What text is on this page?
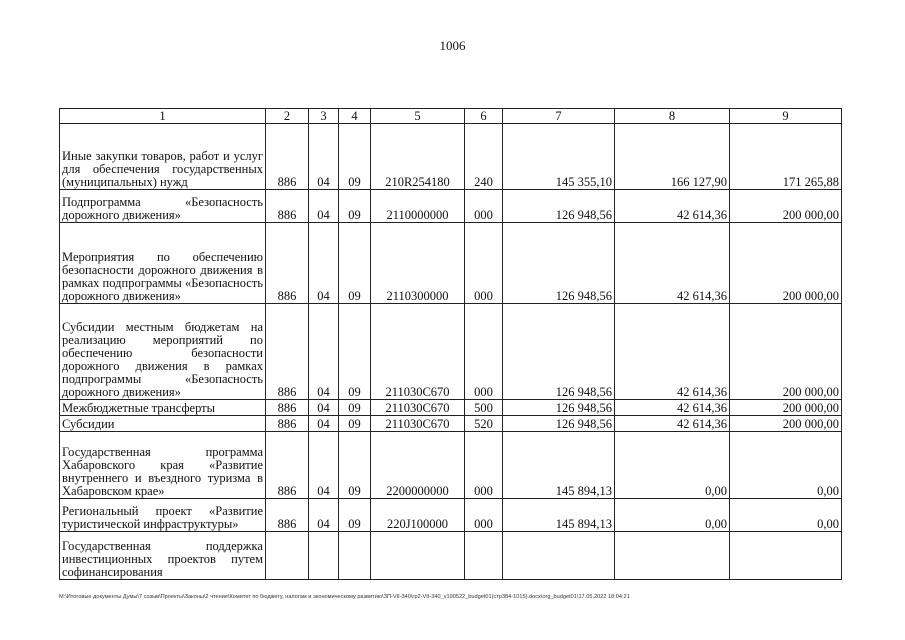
1006
1	2	3	4	5	6	7	8	9
Иные закупки товаров, работ и услуг для обеспечения государственных (муниципальных) нужд	886	04	09	210R254180	240	145 355,10	166 127,90	171 265,88
Подпрограмма «Безопасность дорожного движения»	886	04	09	2110000000	000	126 948,56	42 614,36	200 000,00
Мероприятия по обеспечению безопасности дорожного движения в рамках подпрограммы «Безопасность дорожного движения»	886	04	09	2110300000	000	126 948,56	42 614,36	200 000,00
Субсидии местным бюджетам на реализацию мероприятий по обеспечению безопасности дорожного движения в рамках подпрограммы «Безопасность дорожного движения»	886	04	09	211030С670	000	126 948,56	42 614,36	200 000,00
Межбюджетные трансферты	886	04	09	211030С670	500	126 948,56	42 614,36	200 000,00
Субсидии	886	04	09	211030С670	520	126 948,56	42 614,36	200 000,00
Государственная программа Хабаровского края «Развитие внутреннего и въездного туризма в Хабаровском крае»	886	04	09	2200000000	000	145 894,13	0,00	0,00
Региональный проект «Развитие туристической инфраструктуры»	886	04	09	220J100000	000	145 894,13	0,00	0,00
Государственная поддержка инвестиционных проектов путем софинансирования								
M:\Итоговые документы Думы\7 созыв\Проекты\Законы\2 чтение\Комитет по бюджету, налогам и экономическому развитию\ЗП-VII-340\гр2-VII-340_v190522_budget01(стр384-1015).docx\org_budget01\17.05.2022 18:04:21
